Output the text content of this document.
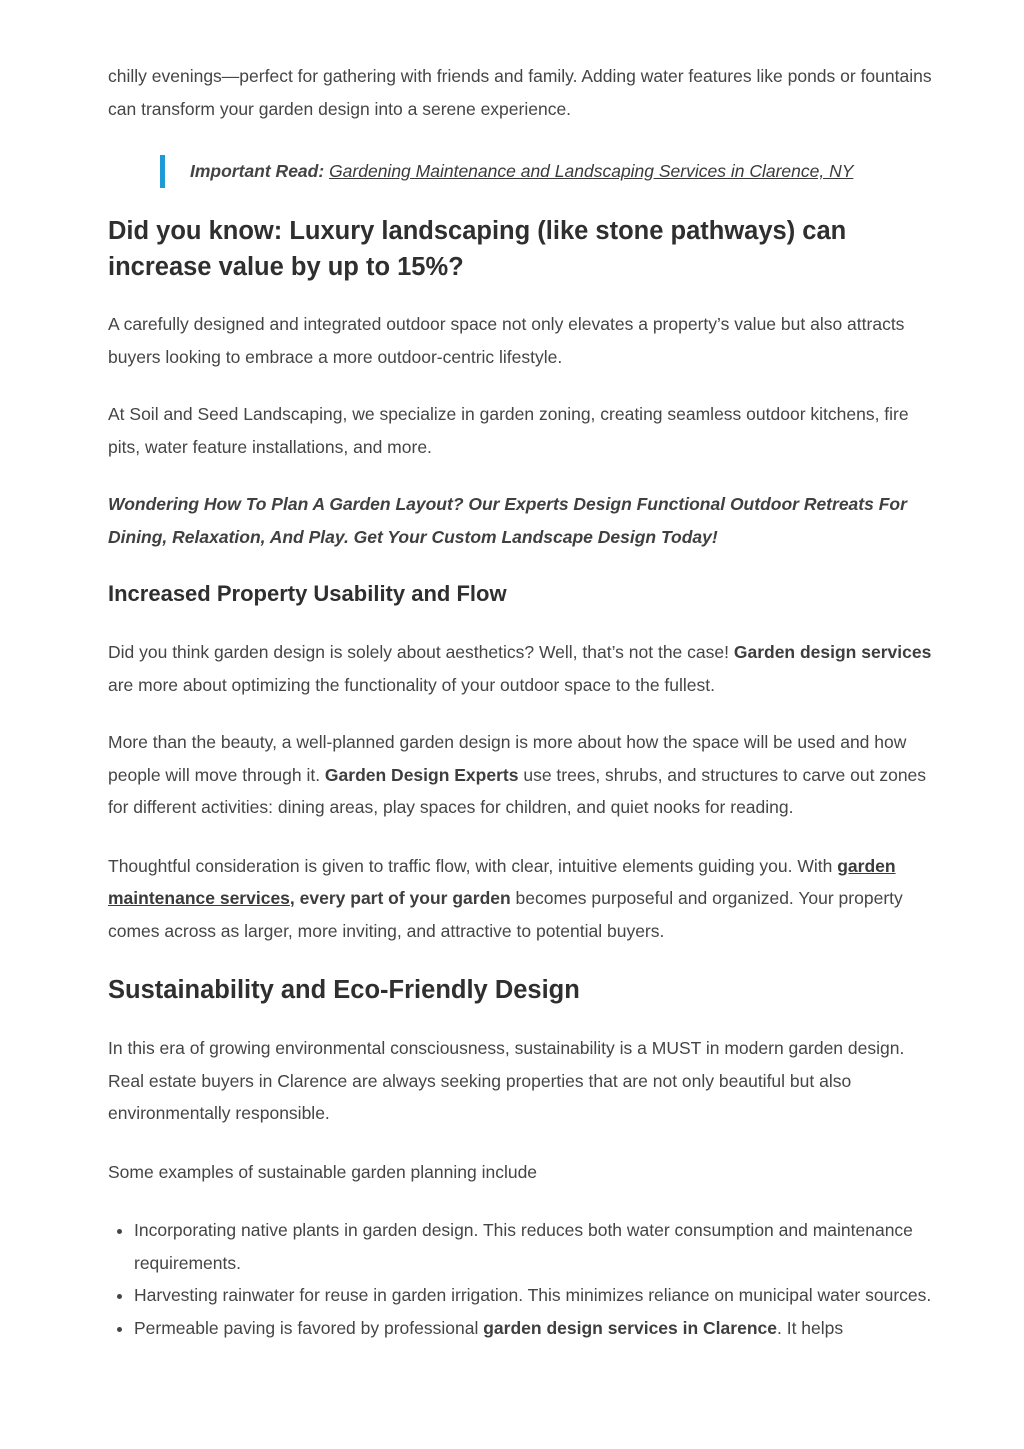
chilly evenings—perfect for gathering with friends and family. Adding water features like ponds or fountains can transform your garden design into a serene experience.

Important Read: Gardening Maintenance and Landscaping Services in Clarence, NY
Did you know: Luxury landscaping (like stone pathways) can increase value by up to 15%?

A carefully designed and integrated outdoor space not only elevates a property’s value but also attracts buyers looking to embrace a more outdoor-centric lifestyle.

At Soil and Seed Landscaping, we specialize in garden zoning, creating seamless outdoor kitchens, fire pits, water feature installations, and more.

Wondering How To Plan A Garden Layout? Our Experts Design Functional Outdoor Retreats For Dining, Relaxation, And Play. Get Your Custom Landscape Design Today!

Increased Property Usability and Flow

Did you think garden design is solely about aesthetics? Well, that’s not the case! Garden design services are more about optimizing the functionality of your outdoor space to the fullest.

More than the beauty, a well-planned garden design is more about how the space will be used and how people will move through it. Garden Design Experts use trees, shrubs, and structures to carve out zones for different activities: dining areas, play spaces for children, and quiet nooks for reading.

Thoughtful consideration is given to traffic flow, with clear, intuitive elements guiding you. With garden maintenance services, every part of your garden becomes purposeful and organized. Your property comes across as larger, more inviting, and attractive to potential buyers.

Sustainability and Eco-Friendly Design

In this era of growing environmental consciousness, sustainability is a MUST in modern garden design. Real estate buyers in Clarence are always seeking properties that are not only beautiful but also environmentally responsible.

Some examples of sustainable garden planning include

• Incorporating native plants in garden design. This reduces both water consumption and maintenance requirements.
• Harvesting rainwater for reuse in garden irrigation. This minimizes reliance on municipal water sources.
• Permeable paving is favored by professional garden design services in Clarence. It helps
